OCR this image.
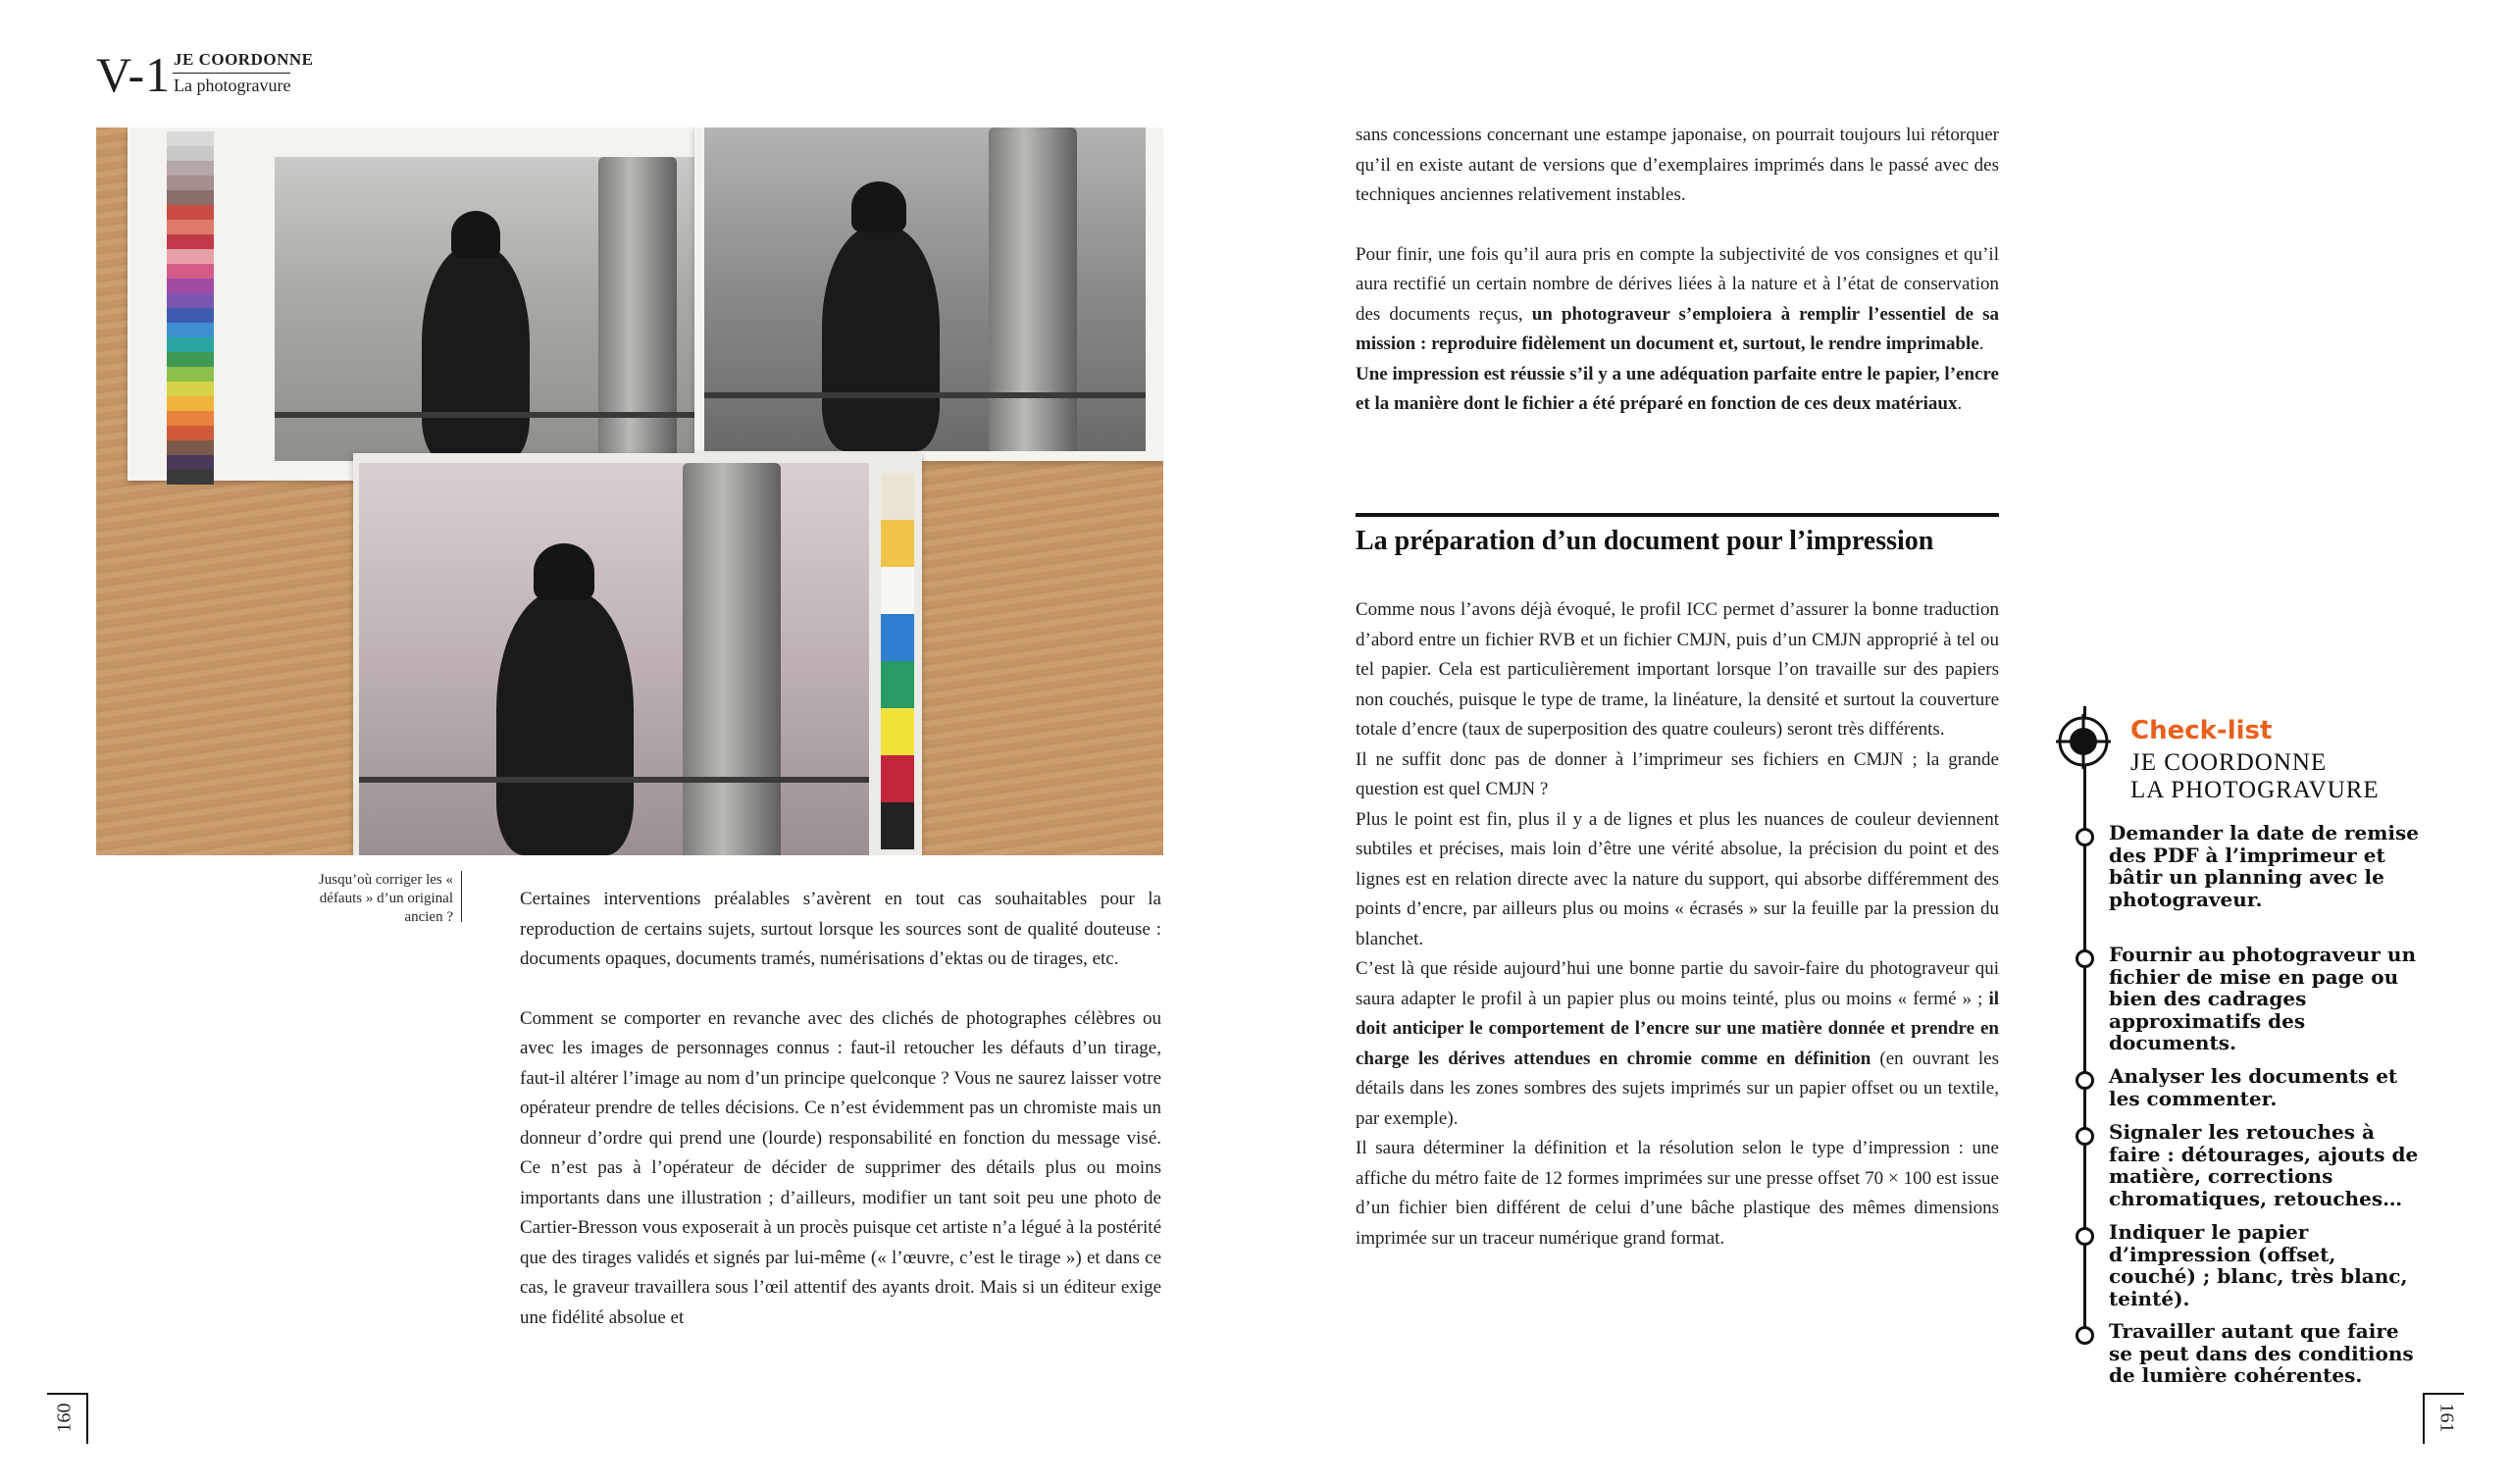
V-1 JE COORDONNE
La photogravure
Jusqu’où corriger les « défauts » d’un original ancien ?

Certaines interventions préalables s’avèrent en tout cas souhaitables pour la reproduction de certains sujets, surtout lorsque les sources sont de qualité douteuse : documents opaques, documents tramés, numérisations d’ektas ou de tirages, etc.

Comment se comporter en revanche avec des clichés de photographes célèbres ou avec les images de personnages connus : faut-il retoucher les défauts d’un tirage, faut-il altérer l’image au nom d’un principe quelconque ? Vous ne saurez laisser votre opérateur prendre de telles décisions. Ce n’est évidemment pas un chromiste mais un donneur d’ordre qui prend une (lourde) responsabilité en fonction du message visé. Ce n’est pas à l’opérateur de décider de supprimer des détails plus ou moins importants dans une illustration ; d’ailleurs, modifier un tant soit peu une photo de Cartier-Bresson vous exposerait à un procès puisque cet artiste n’a légué à la postérité que des tirages validés et signés par lui-même (« l’œuvre, c’est le tirage ») et dans ce cas, le graveur travaillera sous l’œil attentif des ayants droit. Mais si un éditeur exige une fidélité absolue et

sans concessions concernant une estampe japonaise, on pourrait toujours lui rétorquer qu’il en existe autant de versions que d’exemplaires imprimés dans le passé avec des techniques anciennes relativement instables.

Pour finir, une fois qu’il aura pris en compte la subjectivité de vos consignes et qu’il aura rectifié un certain nombre de dérives liées à la nature et à l’état de conservation des documents reçus, un photograveur s’emploiera à remplir l’essentiel de sa mission : reproduire fidèlement un document et, surtout, le rendre imprimable.

Une impression est réussie s’il y a une adéquation parfaite entre le papier, l’encre et la manière dont le fichier a été préparé en fonction de ces deux matériaux.

La préparation d’un document pour l’impression

Comme nous l’avons déjà évoqué, le profil ICC permet d’assurer la bonne traduction d’abord entre un fichier RVB et un fichier CMJN, puis d’un CMJN approprié à tel ou tel papier. Cela est particulièrement important lorsque l’on travaille sur des papiers non couchés, puisque le type de trame, la linéature, la densité et surtout la couverture totale d’encre (taux de superposition des quatre couleurs) seront très différents.

Il ne suffit donc pas de donner à l’imprimeur ses fichiers en CMJN ; la grande question est quel CMJN ?

Plus le point est fin, plus il y a de lignes et plus les nuances de couleur deviennent subtiles et précises, mais loin d’être une vérité absolue, la précision du point et des lignes est en relation directe avec la nature du support, qui absorbe différemment des points d’encre, par ailleurs plus ou moins « écrasés » sur la feuille par la pression du blanchet.

C’est là que réside aujourd’hui une bonne partie du savoir-faire du photograveur qui saura adapter le profil à un papier plus ou moins teinté, plus ou moins « fermé » ; il doit anticiper le comportement de l’encre sur une matière donnée et prendre en charge les dérives attendues en chromie comme en définition (en ouvrant les détails dans les zones sombres des sujets imprimés sur un papier offset ou un textile, par exemple).

Il saura déterminer la définition et la résolution selon le type d’impression : une affiche du métro faite de 12 formes imprimées sur une presse offset 70 × 100 est issue d’un fichier bien différent de celui d’une bâche plastique des mêmes dimensions imprimée sur un traceur numérique grand format.

160	161
Check-list
JE COORDONNE
LA PHOTOGRAVURE
Demander la date de remise des PDF à l’imprimeur et bâtir un planning avec le photograveur.
Fournir au photograveur un fichier de mise en page ou bien des cadrages approximatifs des documents.
Analyser les documents et les commenter.
Signaler les retouches à faire : détourages, ajouts de matière, corrections chromatiques, retouches…
Indiquer le papier d’impression (offset, couché) ; blanc, très blanc, teinté).
Travailler autant que faire se peut dans des conditions de lumière cohérentes.
